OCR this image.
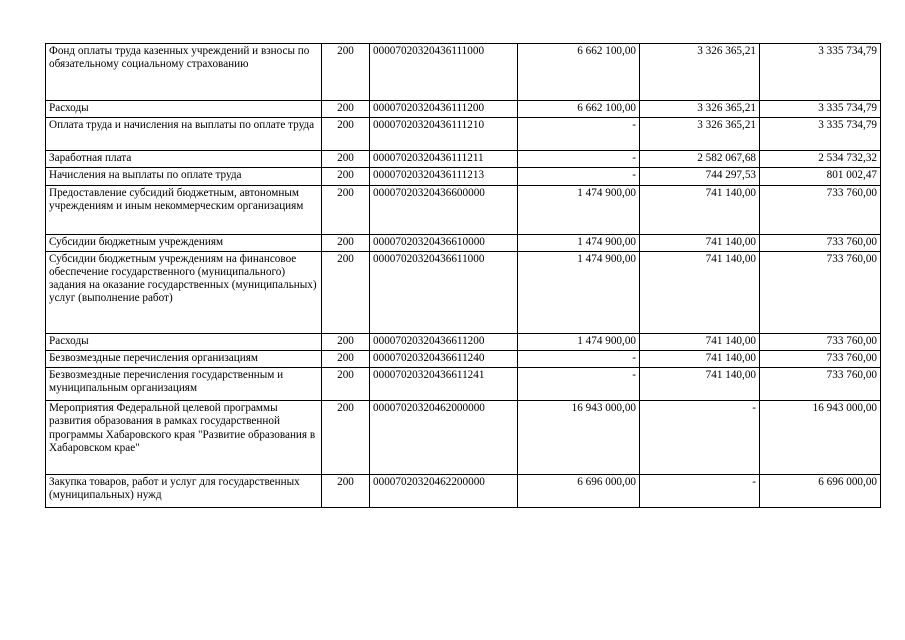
Фонд оплаты труда казенных учреждений и взносы по обязательному социальному страхованию	200	00007020320436111000	6 662 100,00	3 326 365,21	3 335 734,79
Расходы	200	00007020320436111200	6 662 100,00	3 326 365,21	3 335 734,79
Оплата труда и начисления на выплаты по оплате труда	200	00007020320436111210	-	3 326 365,21	3 335 734,79
Заработная плата	200	00007020320436111211	-	2 582 067,68	2 534 732,32
Начисления на выплаты по оплате труда	200	00007020320436111213	-	744 297,53	801 002,47
Предоставление субсидий бюджетным, автономным учреждениям и иным некоммерческим организациям	200	00007020320436600000	1 474 900,00	741 140,00	733 760,00
Субсидии бюджетным учреждениям	200	00007020320436610000	1 474 900,00	741 140,00	733 760,00
Субсидии бюджетным учреждениям на финансовое обеспечение государственного (муниципального) задания на оказание государственных (муниципальных) услуг (выполнение работ)	200	00007020320436611000	1 474 900,00	741 140,00	733 760,00
Расходы	200	00007020320436611200	1 474 900,00	741 140,00	733 760,00
Безвозмездные перечисления организациям	200	00007020320436611240	-	741 140,00	733 760,00
Безвозмездные перечисления государственным и муниципальным организациям	200	00007020320436611241	-	741 140,00	733 760,00
Мероприятия Федеральной целевой программы развития образования в рамках государственной программы Хабаровского края "Развитие образования в Хабаровском крае"	200	00007020320462000000	16 943 000,00	-	16 943 000,00
Закупка товаров, работ и услуг для государственных (муниципальных) нужд	200	00007020320462200000	6 696 000,00	-	6 696 000,00
